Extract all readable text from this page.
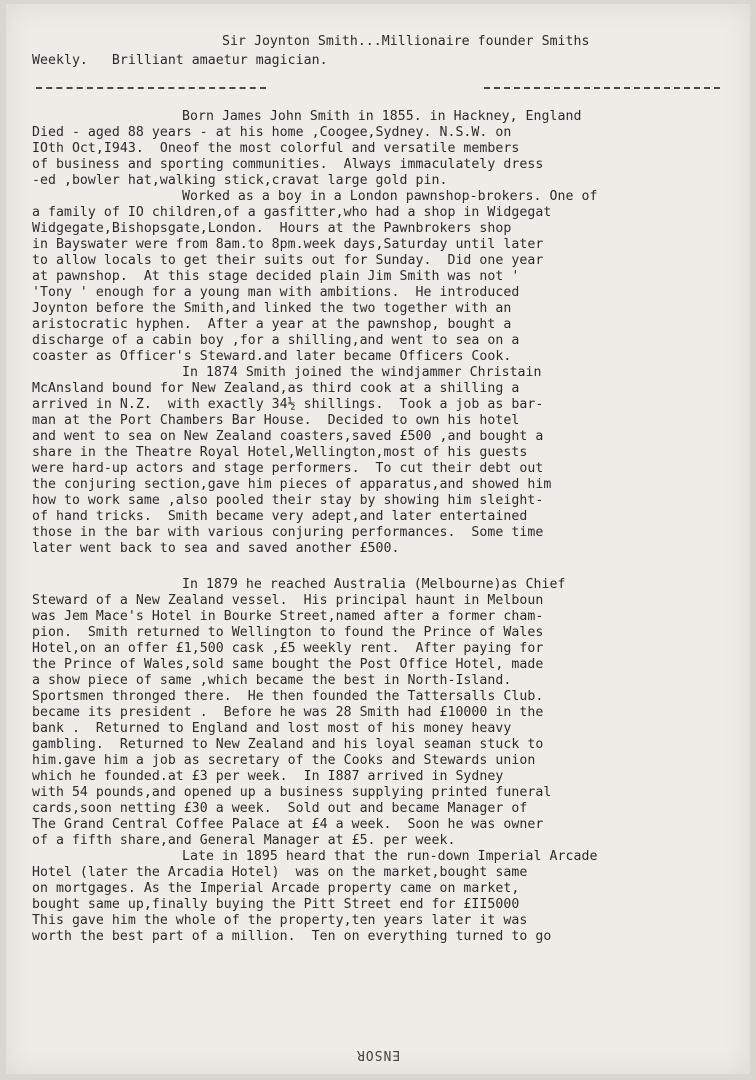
Sir Joynton Smith...Millionaire founder Smiths
Weekly.   Brilliant amaetur magician.
Born James John Smith in 1855. in Hackney, England
Died - aged 88 years - at his home ,Coogee,Sydney. N.S.W. on
IOth Oct,I943.  Oneof the most colorful and versatile members
of business and sporting communities.  Always immaculately dress
-ed ,bowler hat,walking stick,cravat large gold pin.
Worked as a boy in a London pawnshop-brokers. One of
a family of IO children,of a gasfitter,who had a shop in Widgegat
Widgegate,Bishopsgate,London.  Hours at the Pawnbrokers shop
in Bayswater were from 8am.to 8pm.week days,Saturday until later
to allow locals to get their suits out for Sunday.  Did one year
at pawnshop.  At this stage decided plain Jim Smith was not '
'Tony ' enough for a young man with ambitions.  He introduced
Joynton before the Smith,and linked the two together with an
aristocratic hyphen.  After a year at the pawnshop, bought a
discharge of a cabin boy ,for a shilling,and went to sea on a
coaster as Officer's Steward.and later became Officers Cook.
In 1874 Smith joined the windjammer Christain
McAnsland bound for New Zealand,as third cook at a shilling a
arrived in N.Z.  with exactly 34½ shillings.  Took a job as bar-
man at the Port Chambers Bar House.  Decided to own his hotel
and went to sea on New Zealand coasters,saved £500 ,and bought a
share in the Theatre Royal Hotel,Wellington,most of his guests
were hard-up actors and stage performers.  To cut their debt out
the conjuring section,gave him pieces of apparatus,and showed him
how to work same ,also pooled their stay by showing him sleight-
of hand tricks.  Smith became very adept,and later entertained
those in the bar with various conjuring performances.  Some time
later went back to sea and saved another £500.
In 1879 he reached Australia (Melbourne)as Chief
Steward of a New Zealand vessel.  His principal haunt in Melboun
was Jem Mace's Hotel in Bourke Street,named after a former cham-
pion.  Smith returned to Wellington to found the Prince of Wales
Hotel,on an offer £1,500 cask ,£5 weekly rent.  After paying for
the Prince of Wales,sold same bought the Post Office Hotel, made
a show piece of same ,which became the best in North-Island.
Sportsmen thronged there.  He then founded the Tattersalls Club.
became its president .  Before he was 28 Smith had £10000 in the
bank .  Returned to England and lost most of his money heavy
gambling.  Returned to New Zealand and his loyal seaman stuck to
him.gave him a job as secretary of the Cooks and Stewards union
which he founded.at £3 per week.  In I887 arrived in Sydney
with 54 pounds,and opened up a business supplying printed funeral
cards,soon netting £30 a week.  Sold out and became Manager of
The Grand Central Coffee Palace at £4 a week.  Soon he was owner
of a fifth share,and General Manager at £5. per week.
Late in 1895 heard that the run-down Imperial Arcade
Hotel (later the Arcadia Hotel)  was on the market,bought same
on mortgages. As the Imperial Arcade property came on market,
bought same up,finally buying the Pitt Street end for £II5000
This gave him the whole of the property,ten years later it was
worth the best part of a million.  Ten on everything turned to go
ENSOR
